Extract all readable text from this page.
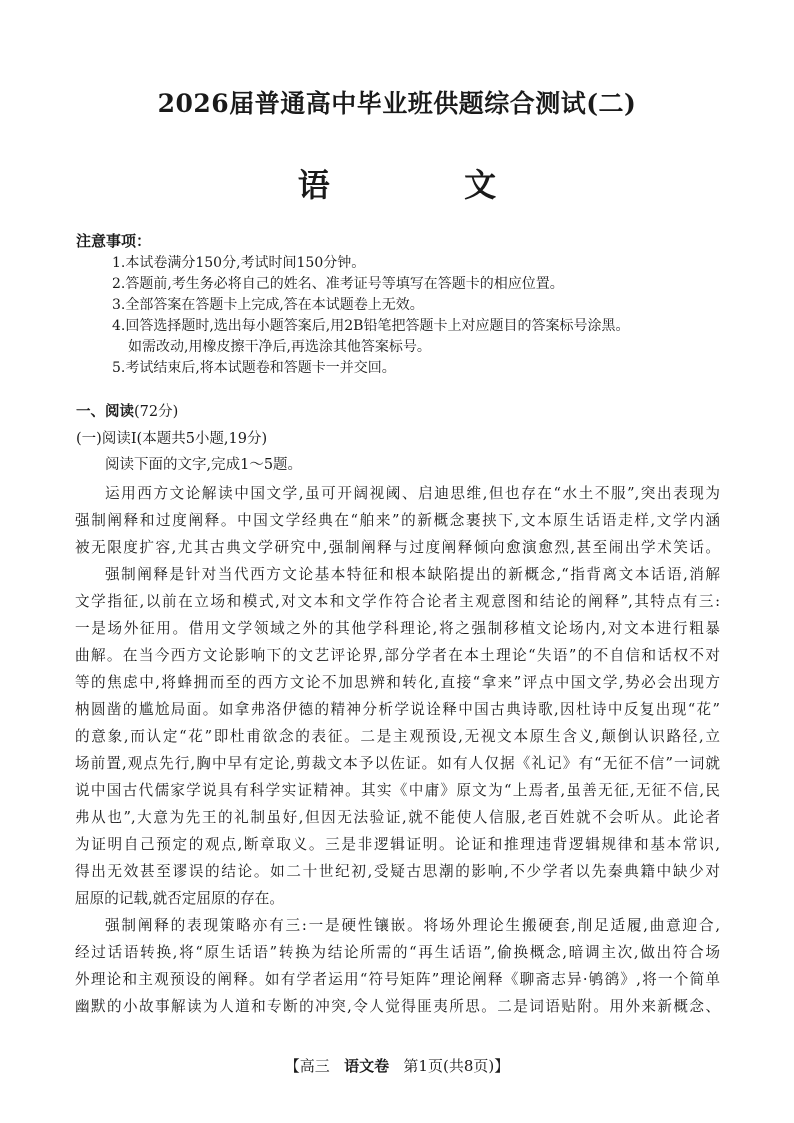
2026届普通高中毕业班供题综合测试(二)
语　文
注意事项：
1.本试卷满分150分,考试时间150分钟。
2.答题前,考生务必将自己的姓名、准考证号等填写在答题卡的相应位置。
3.全部答案在答题卡上完成,答在本试题卷上无效。
4.回答选择题时,选出每小题答案后,用2B铅笔把答题卡上对应题目的答案标号涂黑。
如需改动,用橡皮擦干净后,再选涂其他答案标号。
5.考试结束后,将本试题卷和答题卡一并交回。
一、阅读(72分)
(一)阅读Ⅰ(本题共5小题,19分)
阅读下面的文字,完成1～5题。
运用西方文论解读中国文学,虽可开阔视阈、启迪思维,但也存在“水土不服”,突出表现为
强制阐释和过度阐释。中国文学经典在“舶来”的新概念裹挟下,文本原生话语走样,文学内涵
被无限度扩容,尤其古典文学研究中,强制阐释与过度阐释倾向愈演愈烈,甚至闹出学术笑话。
强制阐释是针对当代西方文论基本特征和根本缺陷提出的新概念,“指背离文本话语,消解
文学指征,以前在立场和模式,对文本和文学作符合论者主观意图和结论的阐释”,其特点有三:
一是场外征用。借用文学领域之外的其他学科理论,将之强制移植文论场内,对文本进行粗暴
曲解。在当今西方文论影响下的文艺评论界,部分学者在本土理论“失语”的不自信和话权不对
等的焦虑中,将蜂拥而至的西方文论不加思辨和转化,直接“拿来”评点中国文学,势必会出现方
枘圆凿的尴尬局面。如拿弗洛伊德的精神分析学说诠释中国古典诗歌,因杜诗中反复出现“花”
的意象,而认定“花”即杜甫欲念的表征。二是主观预设,无视文本原生含义,颠倒认识路径,立
场前置,观点先行,胸中早有定论,剪裁文本予以佐证。如有人仅据《礼记》有“无征不信”一词就
说中国古代儒家学说具有科学实证精神。其实《中庸》原文为“上焉者,虽善无征,无征不信,民
弗从也”,大意为先王的礼制虽好,但因无法验证,就不能使人信服,老百姓就不会听从。此论者
为证明自己预定的观点,断章取义。三是非逻辑证明。论证和推理违背逻辑规律和基本常识,
得出无效甚至谬误的结论。如二十世纪初,受疑古思潮的影响,不少学者以先秦典籍中缺少对
屈原的记载,就否定屈原的存在。
强制阐释的表现策略亦有三:一是硬性镶嵌。将场外理论生搬硬套,削足适履,曲意迎合,
经过话语转换,将“原生话语”转换为结论所需的“再生话语”,偷换概念,暗调主次,做出符合场
外理论和主观预设的阐释。如有学者运用“符号矩阵”理论阐释《聊斋志异·鸲鹆》,将一个简单
幽默的小故事解读为人道和专断的冲突,令人觉得匪夷所思。二是词语贴附。用外来新概念、
【高三 语文卷 第1页(共8页)】
